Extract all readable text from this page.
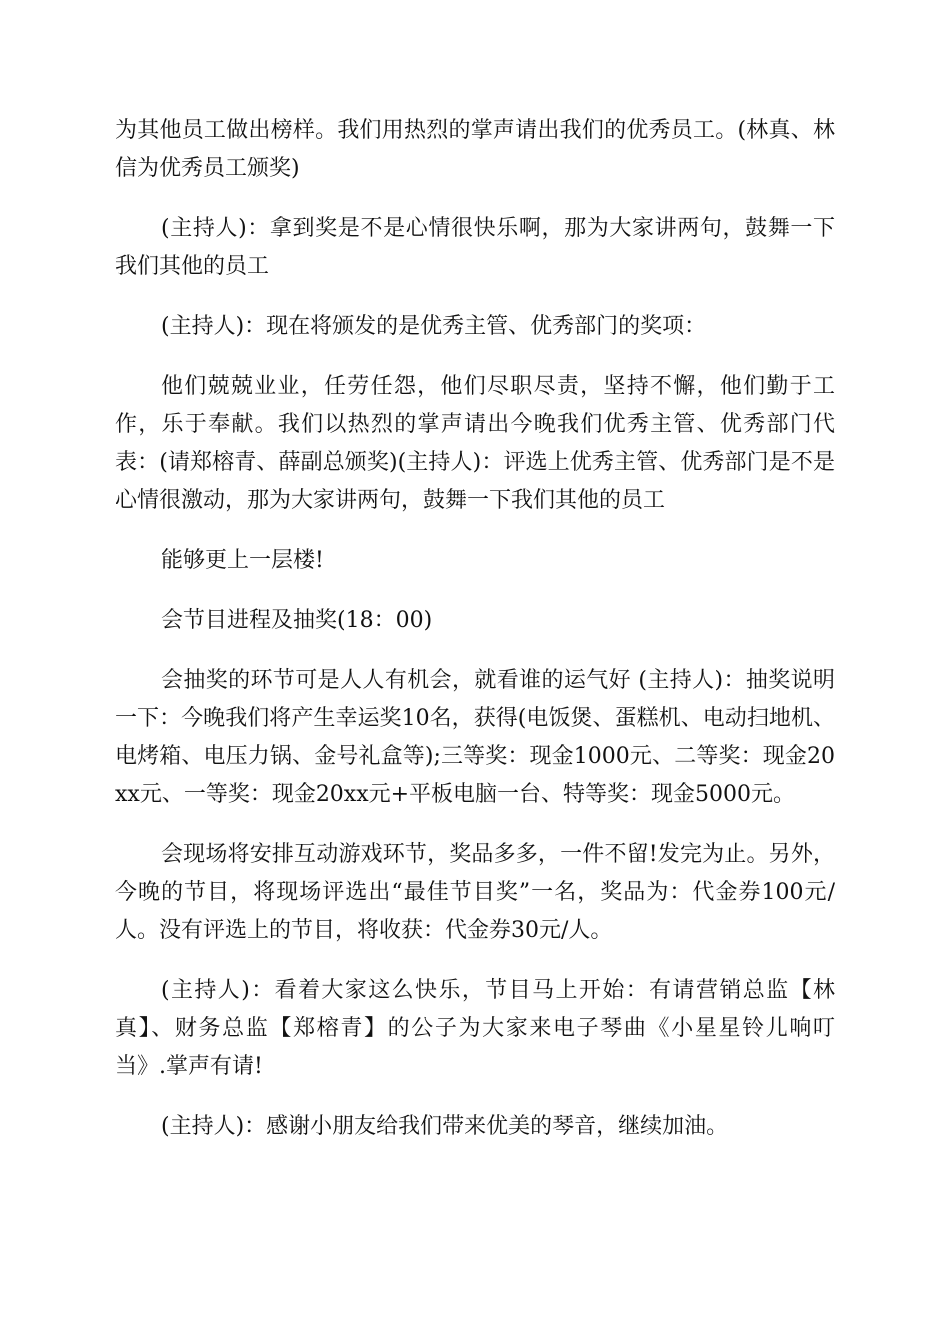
为其他员工做出榜样。我们用热烈的掌声请出我们的优秀员工。(林真、林信为优秀员工颁奖)

(主持人)：拿到奖是不是心情很快乐啊，那为大家讲两句，鼓舞一下我们其他的员工

(主持人)：现在将颁发的是优秀主管、优秀部门的奖项：

他们兢兢业业，任劳任怨，他们尽职尽责，坚持不懈，他们勤于工作，乐于奉献。我们以热烈的掌声请出今晚我们优秀主管、优秀部门代表：(请郑榕青、薛副总颁奖)(主持人)：评选上优秀主管、优秀部门是不是心情很激动，那为大家讲两句，鼓舞一下我们其他的员工

能够更上一层楼!

会节目进程及抽奖(18：00)

会抽奖的环节可是人人有机会，就看谁的运气好 (主持人)：抽奖说明一下：今晚我们将产生幸运奖10名，获得(电饭煲、蛋糕机、电动扫地机、电烤箱、电压力锅、金号礼盒等);三等奖：现金1000元、二等奖：现金20xx元、一等奖：现金20xx元+平板电脑一台、特等奖：现金5000元。

会现场将安排互动游戏环节，奖品多多，一件不留!发完为止。另外，今晚的节目，将现场评选出“最佳节目奖”一名，奖品为：代金券100元/人。没有评选上的节目，将收获：代金券30元/人。

(主持人)：看着大家这么快乐，节目马上开始：有请营销总监【林真】、财务总监【郑榕青】的公子为大家来电子琴曲《小星星铃儿响叮当》.掌声有请!

(主持人)：感谢小朋友给我们带来优美的琴音，继续加油。
